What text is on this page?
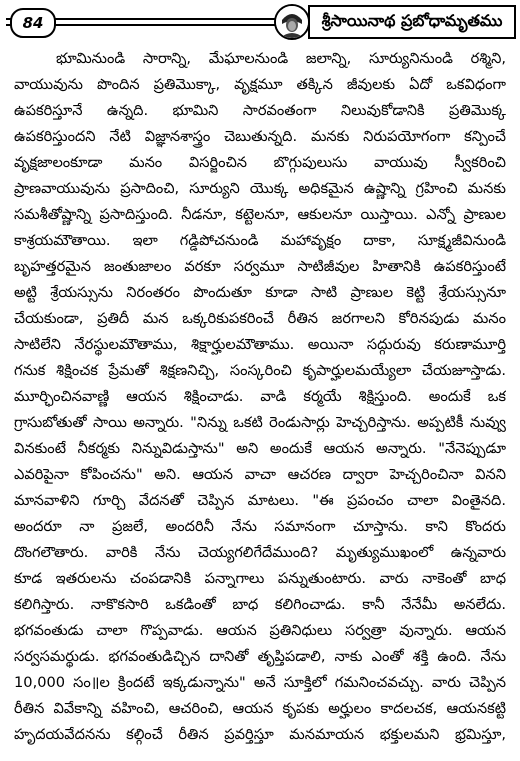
84	శ్రీసాయినాథ ప్రబోధామృతము
భూమినుండి సారాన్ని, మేఘాలనుండి జలాన్ని, సూర్యునినుండి రశ్మిని,
వాయువును పొందిన ప్రతిమొక్కా, వృక్షమూ తక్కిన జీవులకు ఏదో ఒకవిధంగా
ఉపకరిస్తూనే ఉన్నది. భూమిని సారవంతంగా నిలువుకోడానికి ప్రతిమొక్క
ఉపకరిస్తుందని నేటి విజ్ఞానశాస్త్రం చెబుతున్నది. మనకు నిరుపయోగంగా కన్పించే
వృక్షజాలంకూడా మనం విసర్జించిన బొగ్గుపులుసు వాయువు స్వీకరించి
ప్రాణవాయువును ప్రసాదించి, సూర్యుని యొక్క అధికమైన ఉష్ణాన్ని గ్రహించి మనకు
సమశీతోష్ణాన్ని ప్రసాదిస్తుంది. నీడనూ, కట్టెలనూ, ఆకులనూ యిస్తాయి. ఎన్నో ప్రాణుల
కాశ్రయమౌతాయి. ఇలా గడ్డిపోచనుండి మహావృక్షం దాకా, సూక్ష్మజీవినుండి
బృహత్తరమైన జంతుజాలం వరకూ సర్వమూ సాటిజీవుల హితానికి ఉపకరిస్తుంటే
అట్టి శ్రేయస్సును నిరంతరం పొందుతూ కూడా సాటి ప్రాణుల కెట్టి శ్రేయస్సునూ
చేయకుండా, ప్రతిదీ మన ఒక్కరికుపకరించే రీతిన జరగాలని కోరినపుడు మనం
సాటిలేని నేరస్థులమౌతాము, శిక్షార్హులమౌతాము. అయినా సద్గురువు కరుణామూర్తి
గనుక శిక్షించక ప్రేమతో శిక్షణనిచ్చి, సంస్కరించి కృపార్హులమయ్యేలా చేయజూస్తాడు.
మూర్ఛించినవాణ్ణి ఆయన శిక్షించాడు. వాడి కర్మయే శిక్షిస్తుంది. అందుకే ఒక
గ్రాసుబోతుతో సాయి అన్నారు. "నిన్ను ఒకటి రెండుసార్లు హెచ్చరిస్తాను. అప్పటికీ నువ్వు
వినకుంటే నీకర్మకు నిన్నువిడుస్తాను" అని అందుకే ఆయన అన్నారు. "నేనెప్పుడూ
ఎవరిపైనా కోపించను" అని. ఆయన వాచా ఆచరణ ద్వారా హెచ్చరించినా వినని
మానవాళిని గూర్చి వేదనతో చెప్పిన మాటలు. "ఈ ప్రపంచం చాలా వింతైనది.
అందరూ నా ప్రజలే, అందరినీ నేను సమానంగా చూస్తాను. కాని కొందరు
దొంగలౌతారు. వారికి నేను చెయ్యగలిగేదేముంది? మృత్యుముఖంలో ఉన్నవారు
కూడ ఇతరులను చంపడానికి పన్నాగాలు పన్నుతుంటారు. వారు నాకెంతో బాధ
కలిగిస్తారు. నాకొకసారి ఒకడింతో బాధ కలిగించాడు. కానీ నేనేమీ అనలేదు.
భగవంతుడు చాలా గొప్పవాడు. ఆయన ప్రతినిధులు సర్వత్రా వున్నారు. ఆయన
సర్వసమర్థుడు. భగవంతుడిచ్చిన దానితో తృప్తిపడాలి, నాకు ఎంతో శక్తి ఉంది. నేను
10,000 సం॥ల క్రిందటే ఇక్కడున్నాను" అనే సూక్తిలో గమనించవచ్చు. వారు చెప్పిన
రీతిన వివేకాన్ని వహించి, ఆచరించి, ఆయన కృపకు అర్హులం కాదలచక, ఆయనకట్టి
హృదయవేదనను కల్గించే రీతిన ప్రవర్తిస్తూ మనమాయన భక్తులమని భ్రమిస్తూ,
